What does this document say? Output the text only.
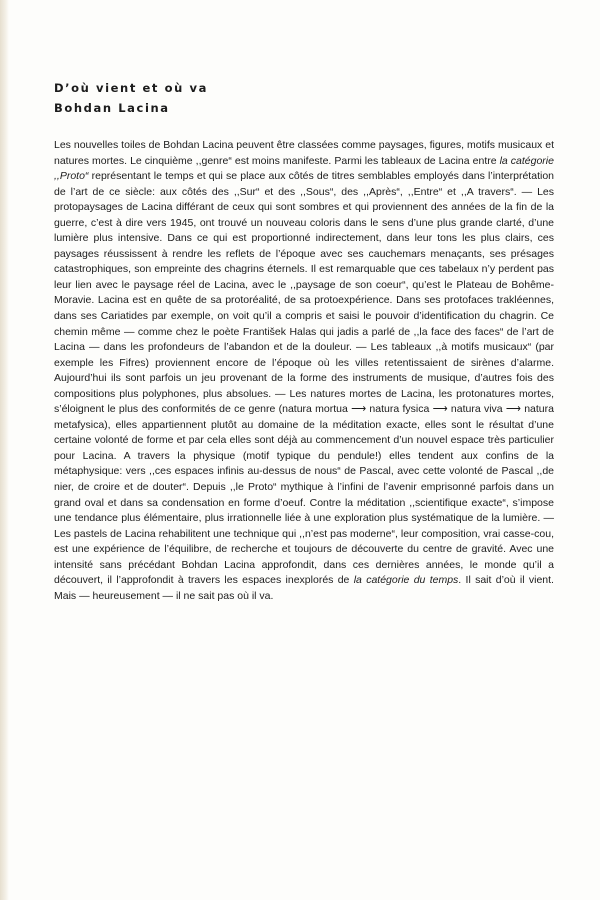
D’où vient et où va
Bohdan Lacina
Les nouvelles toiles de Bohdan Lacina peuvent être classées comme paysages, figures, motifs musicaux et natures mortes. Le cinquième ,,genre“ est moins manifeste. Parmi les tableaux de Lacina entre la catégorie ,,Proto“ représentant le temps et qui se place aux côtés de titres semblables employés dans l’interprétation de l’art de ce siècle: aux côtés des ,,Sur“ et des ,,Sous“, des ,,Après“, ,,Entre“ et ,,A travers“. — Les protopaysages de Lacina différant de ceux qui sont sombres et qui proviennent des années de la fin de la guerre, c’est à dire vers 1945, ont trouvé un nouveau coloris dans le sens d’une plus grande clarté, d’une lumière plus intensive. Dans ce qui est proportionné indirectement, dans leur tons les plus clairs, ces paysages réussissent à rendre les reflets de l’époque avec ses cauchemars menaçants, ses présages catastrophiques, son empreinte des chagrins éternels. Il est remarquable que ces tabelaux n’y perdent pas leur lien avec le paysage réel de Lacina, avec le ,,paysage de son coeur“, qu’est le Plateau de Bohême-Moravie. Lacina est en quête de sa protoréalité, de sa protoexpérience. Dans ses protofaces trakléennes, dans ses Cariatides par exemple, on voit qu’il a compris et saisi le pouvoir d’identification du chagrin. Ce chemin même — comme chez le poète František Halas qui jadis a parlé de ,,la face des faces“ de l’art de Lacina — dans les profondeurs de l’abandon et de la douleur. — Les tableaux ,,à motifs musicaux“ (par exemple les Fifres) proviennent encore de l’époque où les villes retentissaient de sirènes d’alarme. Aujourd’hui ils sont parfois un jeu provenant de la forme des instruments de musique, d’autres fois des compositions plus polyphones, plus absolues. — Les natures mortes de Lacina, les protonatures mortes, s’éloignent le plus des conformités de ce genre (natura mortua ⟶ natura fysica ⟶ natura viva ⟶ natura metafysica), elles appartiennent plutôt au domaine de la méditation exacte, elles sont le résultat d’une certaine volonté de forme et par cela elles sont déjà au commencement d’un nouvel espace très particulier pour Lacina. A travers la physique (motif typique du pendule!) elles tendent aux confins de la métaphysique: vers ,,ces espaces infinis au-dessus de nous“ de Pascal, avec cette volonté de Pascal ,,de nier, de croire et de douter“. Depuis ,,le Proto“ mythique à l’infini de l’avenir emprisonné parfois dans un grand oval et dans sa condensation en forme d’oeuf. Contre la méditation ,,scientifique exacte“, s’impose une tendance plus élémentaire, plus irrationnelle liée à une exploration plus systématique de la lumière. — Les pastels de Lacina rehabilitent une technique qui ,,n’est pas moderne“, leur composition, vrai casse-cou, est une expérience de l’équilibre, de recherche et toujours de découverte du centre de gravité. Avec une intensité sans précédant Bohdan Lacina approfondit, dans ces dernières années, le monde qu’il a découvert, il l’approfondit à travers les espaces inexplorés de la catégorie du temps. Il sait d’où il vient. Mais — heureusement — il ne sait pas où il va.
